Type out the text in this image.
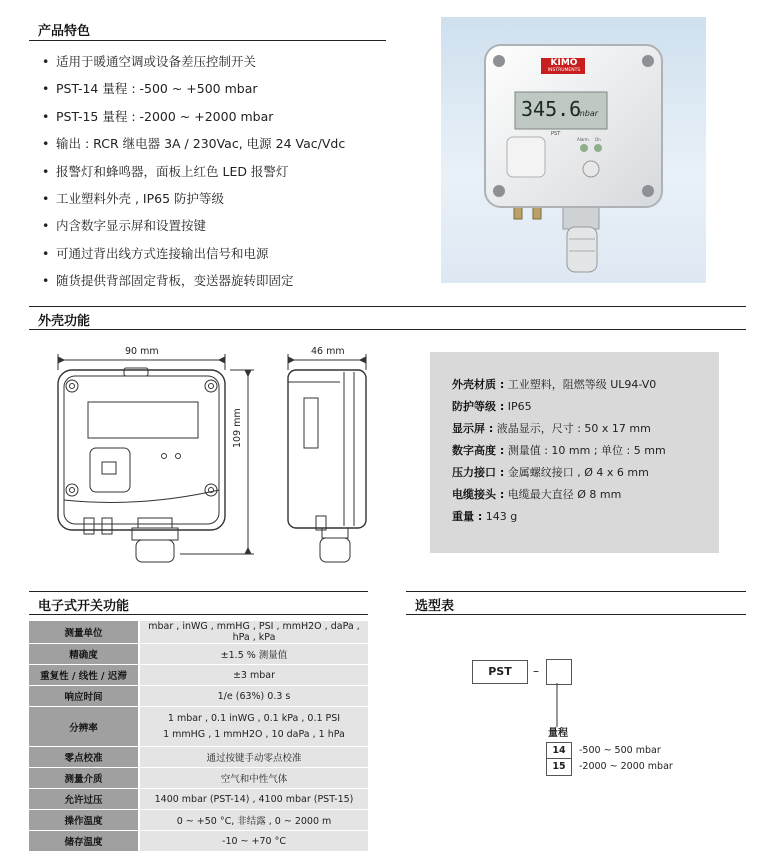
产品特色
• 适用于暖通空调或设备差压控制开关
• PST-14 量程 : -500 ~ +500 mbar
• PST-15 量程 : -2000 ~ +2000 mbar
• 输出 : RCR 继电器 3A / 230Vac, 电源 24 Vac/Vdc
• 报警灯和蜂鸣器，面板上红色 LED 报警灯
• 工业塑料外壳 , IP65 防护等级
• 内含数字显示屏和设置按键
• 可通过背出线方式连接输出信号和电源
• 随货提供背部固定背板，变送器旋转即固定
KIMO
INSTRUMENTS
345.6
mbar
PST
Alarm On
外壳功能
90 mm
109 mm
46 mm
外壳材质 : 工业塑料，阻燃等级 UL94-V0
防护等级 : IP65
显示屏 : 液晶显示，尺寸 : 50 x 17 mm
数字高度 : 测量值 : 10 mm ; 单位 : 5 mm
压力接口 : 金属螺纹接口 , Ø 4 x 6 mm
电缆接头 : 电缆最大直径 Ø 8 mm
重量 : 143 g
电子式开关功能
测量单位	mbar , inWG , mmHG , PSI , mmH2O , daPa , hPa , kPa
精确度	±1.5 % 测量值
重复性 / 线性 / 迟滞	±3 mbar
响应时间	1/e (63%) 0.3 s
分辨率	1 mbar , 0.1 inWG , 0.1 kPa , 0.1 PSI
1 mmHG , 1 mmH2O , 10 daPa , 1 hPa

零点校准	通过按键手动零点校准
测量介质	空气和中性气体
允许过压	1400 mbar (PST-14) , 4100 mbar (PST-15)
操作温度	0 ~ +50 °C, 非结露 , 0 ~ 2000 m
储存温度	-10 ~ +70 °C
选型表
PST	–
量程
14	-500 ~ 500 mbar
15	-2000 ~ 2000 mbar
